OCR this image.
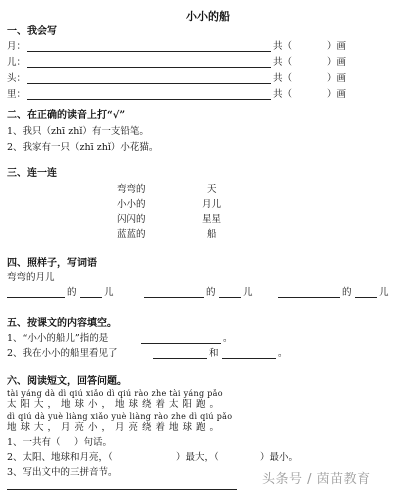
小小的船
一、我会写
月：	共（	）画
儿：	共（	）画
头：	共（	）画
里：	共（	）画
二、在正确的读音上打“√”
1、我只（zhī zhǐ）有一支铅笔。
2、我家有一只（zhī zhǐ）小花猫。
三、连一连
弯弯的	天
小小的	月儿
闪闪的	星星
蓝蓝的	船
四、照样子，写词语
弯弯的月儿
的	儿	的	儿	的	儿
五、按课文的内容填空。
1、“小小的船儿”指的是	。
2、我在小小的船里看见了	和	。
六、阅读短文，回答问题。
tài yáng dà dì qiú xiǎo dì qiú rào zhe tài yáng pǎo
太阳大，地球小，地球绕着太阳跑。
dì qiú dà yuè liàng xiǎo yuè liàng rào zhe dì qiú pǎo
地球大，月亮小，月亮绕着地球跑。
1、一共有（ ）句话。
2、太阳、地球和月亮，（	）最大，（	）最小。
3、写出文中的三拼音节。	头条号 / 茵苗教育
